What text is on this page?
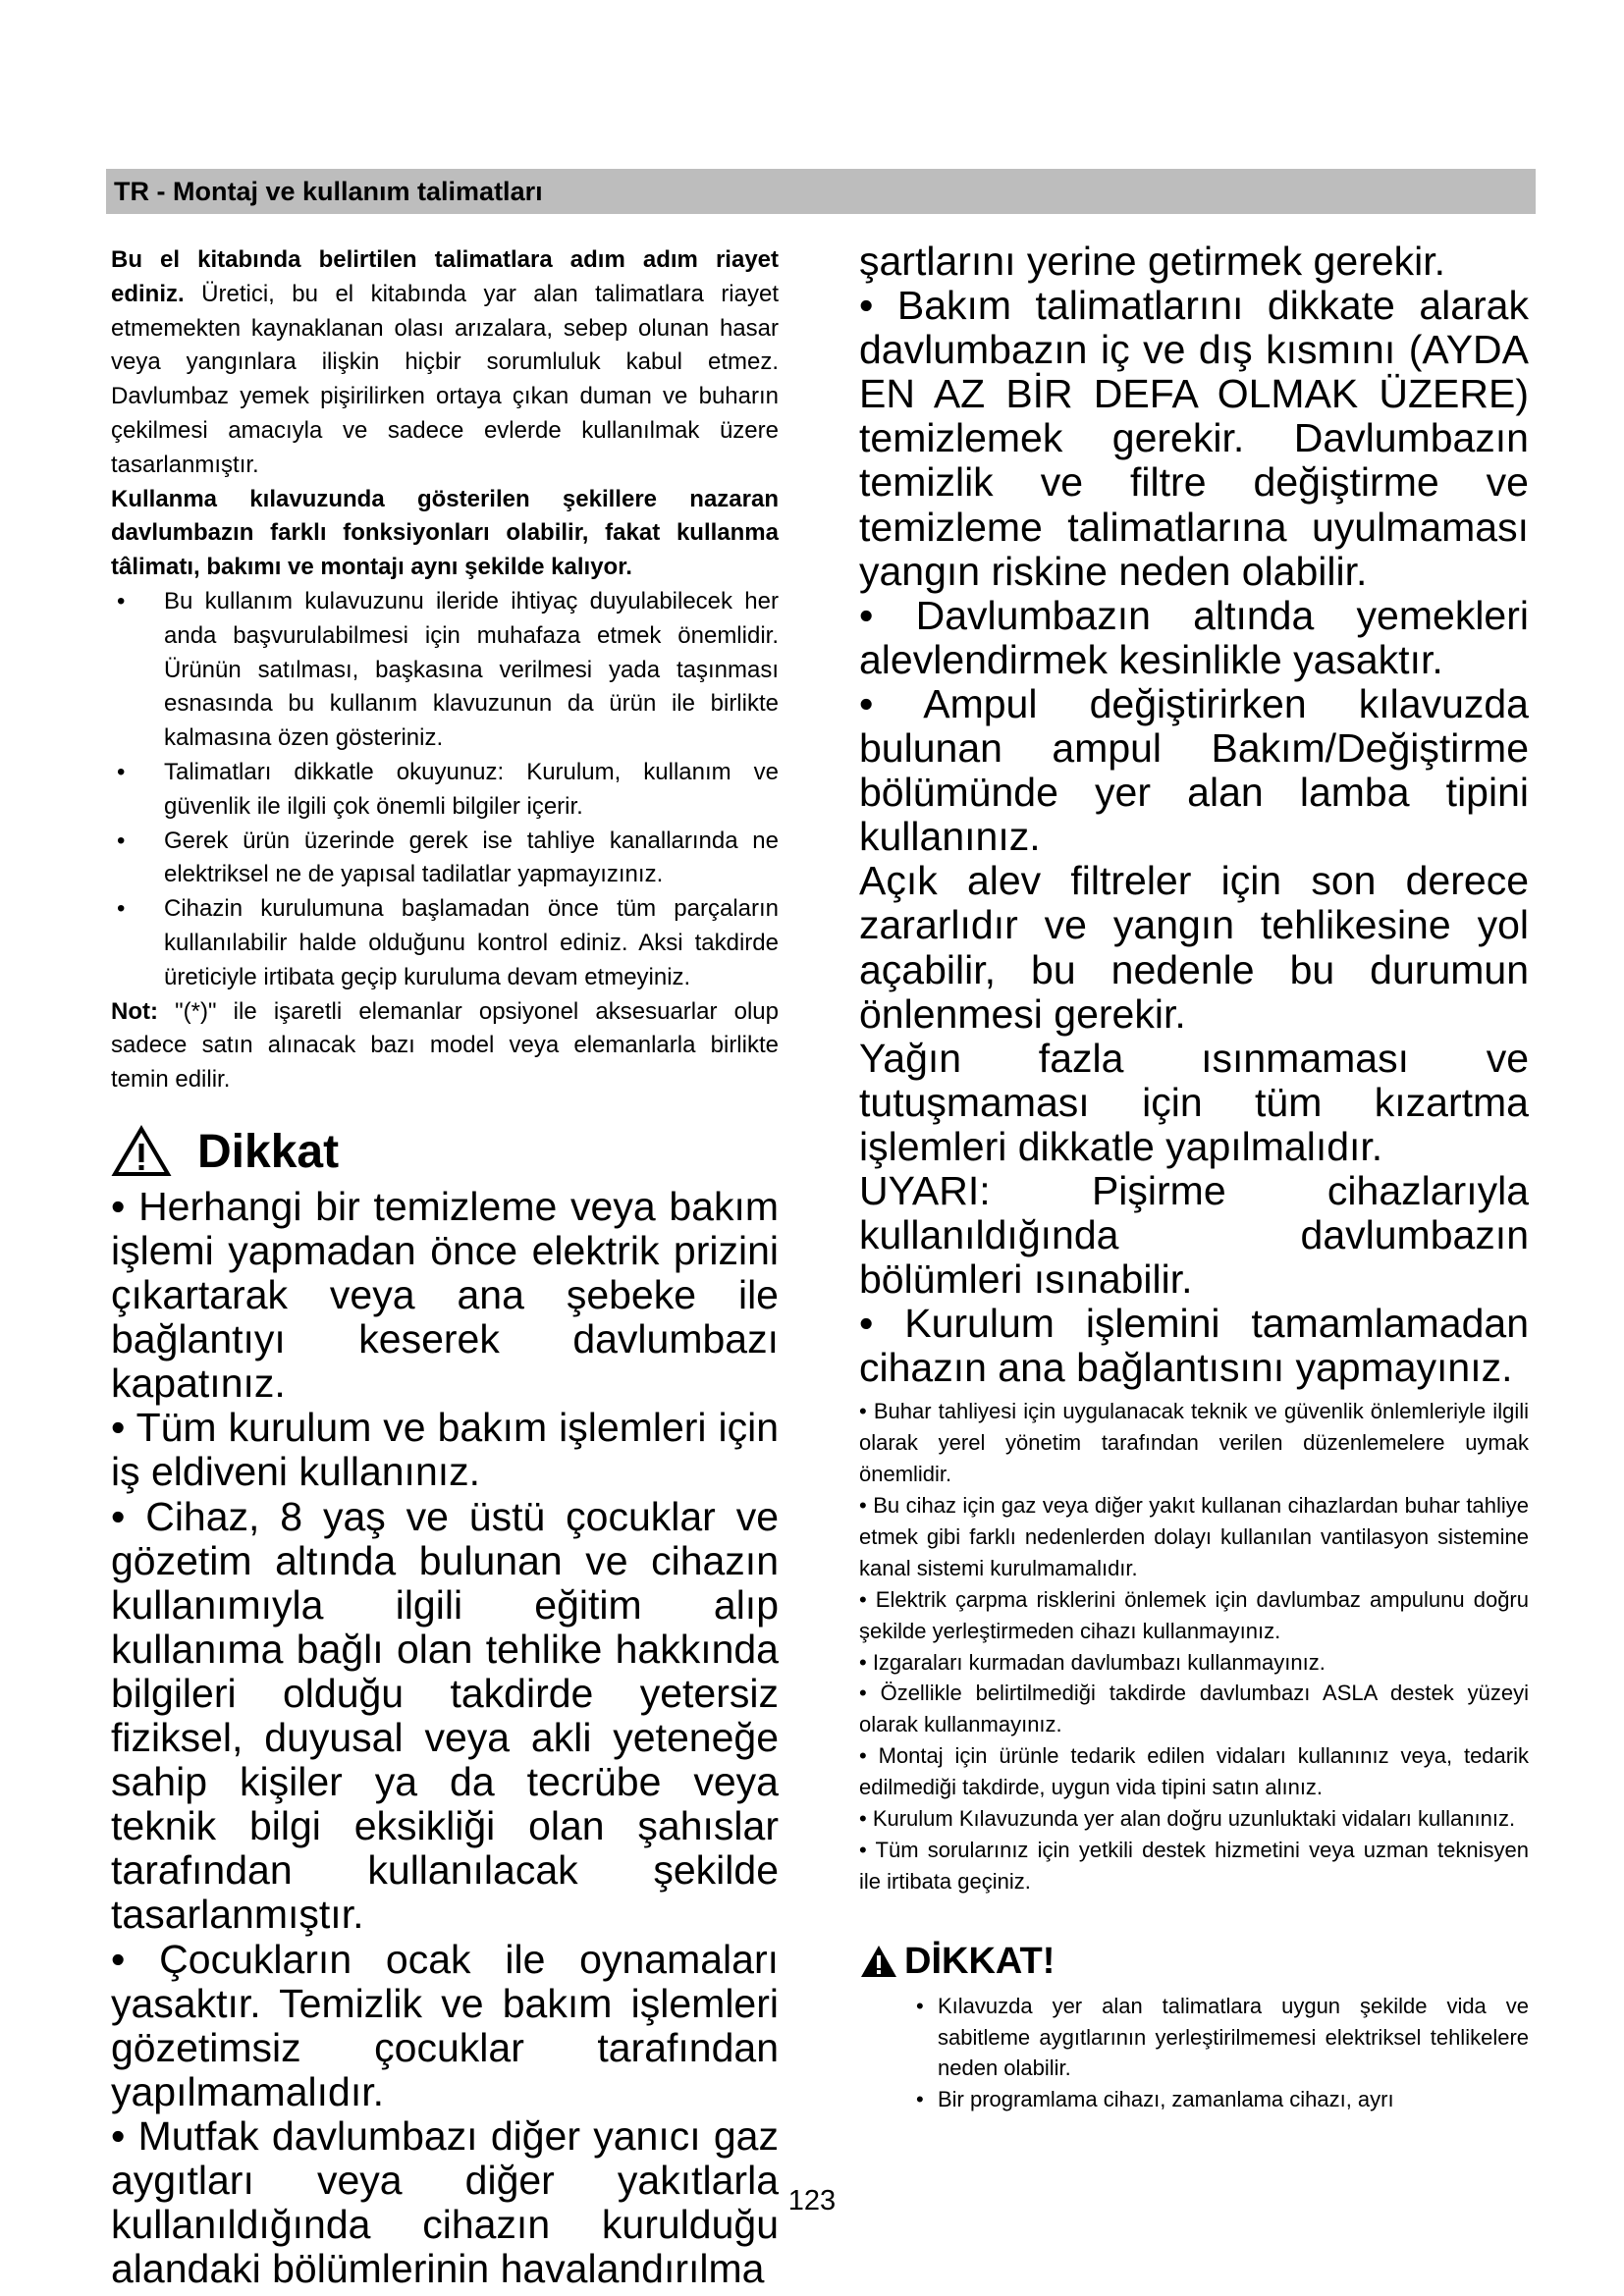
TR - Montaj ve kullanım talimatları

Bu el kitabında belirtilen talimatlara adım adım riayet ediniz. Üretici, bu el kitabında yar alan talimatlara riayet etmemekten kaynaklanan olası arızalara, sebep olunan hasar veya yangınlara ilişkin hiçbir sorumluluk kabul etmez. Davlumbaz yemek pişirilirken ortaya çıkan duman ve buharın çekilmesi amacıyla ve sadece evlerde kullanılmak üzere tasarlanmıştır.

Kullanma kılavuzunda gösterilen şekillere nazaran davlumbazın farklı fonksiyonları olabilir, fakat kullanma tâlimatı, bakımı ve montajı aynı şekilde kalıyor.

• Bu kullanım kulavuzunu ileride ihtiyaç duyulabilecek her anda başvurulabilmesi için muhafaza etmek önemlidir. Ürünün satılması, başkasına verilmesi yada taşınması esnasında bu kullanım klavuzunun da ürün ile birlikte kalmasına özen gösteriniz.
• Talimatları dikkatle okuyunuz: Kurulum, kullanım ve güvenlik ile ilgili çok önemli bilgiler içerir.
• Gerek ürün üzerinde gerek ise tahliye kanallarında ne elektriksel ne de yapısal tadilatlar yapmayızınız.
• Cihazin kurulumuna başlamadan önce tüm parçaların kullanılabilir halde olduğunu kontrol ediniz. Aksi takdirde üreticiyle irtibata geçip kuruluma devam etmeyiniz.

Not: "(*)" ile işaretli elemanlar opsiyonel aksesuarlar olup sadece satın alınacak bazı model veya elemanlarla birlikte temin edilir.

Dikkat

• Herhangi bir temizleme veya bakım işlemi yapmadan önce elektrik prizini çıkartarak veya ana şebeke ile bağlantıyı keserek davlumbazı kapatınız.

• Tüm kurulum ve bakım işlemleri için iş eldiveni kullanınız.

• Cihaz, 8 yaş ve üstü çocuklar ve gözetim altında bulunan ve cihazın kullanımıyla ilgili eğitim alıp kullanıma bağlı olan tehlike hakkında bilgileri olduğu takdirde yetersiz fiziksel, duyusal veya akli yeteneğe sahip kişiler ya da tecrübe veya teknik bilgi eksikliği olan şahıslar tarafından kullanılacak şekilde tasarlanmıştır.

• Çocukların ocak ile oynamaları yasaktır. Temizlik ve bakım işlemleri gözetimsiz çocuklar tarafından yapılmamalıdır.

• Mutfak davlumbazı diğer yanıcı gaz aygıtları veya diğer yakıtlarla kullanıldığında cihazın kurulduğu alandaki bölümlerinin havalandırılma

şartlarını yerine getirmek gerekir.

• Bakım talimatlarını dikkate alarak davlumbazın iç ve dış kısmını (AYDA EN AZ BİR DEFA OLMAK ÜZERE) temizlemek gerekir. Davlumbazın temizlik ve filtre değiştirme ve temizleme talimatlarına uyulmaması yangın riskine neden olabilir.

• Davlumbazın altında yemekleri alevlendirmek kesinlikle yasaktır.

• Ampul değiştirirken kılavuzda bulunan ampul Bakım/Değiştirme bölümünde yer alan lamba tipini kullanınız.

Açık alev filtreler için son derece zararlıdır ve yangın tehlikesine yol açabilir, bu nedenle bu durumun önlenmesi gerekir.

Yağın fazla ısınmaması ve tutuşmaması için tüm kızartma işlemleri dikkatle yapılmalıdır.

UYARI: Pişirme cihazlarıyla kullanıldığında davlumbazın bölümleri ısınabilir.

• Kurulum işlemini tamamlamadan cihazın ana bağlantısını yapmayınız.

• Buhar tahliyesi için uygulanacak teknik ve güvenlik önlemleriyle ilgili olarak yerel yönetim tarafından verilen düzenlemelere uymak önemlidir.

• Bu cihaz için gaz veya diğer yakıt kullanan cihazlardan buhar tahliye etmek gibi farklı nedenlerden dolayı kullanılan vantilasyon sistemine kanal sistemi kurulmamalıdır.

• Elektrik çarpma risklerini önlemek için davlumbaz ampulunu doğru şekilde yerleştirmeden cihazı kullanmayınız.

• Izgaraları kurmadan davlumbazı kullanmayınız.

• Özellikle belirtilmediği takdirde davlumbazı ASLA destek yüzeyi olarak kullanmayınız.

• Montaj için ürünle tedarik edilen vidaları kullanınız veya, tedarik edilmediği takdirde, uygun vida tipini satın alınız.

• Kurulum Kılavuzunda yer alan doğru uzunluktaki vidaları kullanınız.

• Tüm sorularınız için yetkili destek hizmetini veya uzman teknisyen ile irtibata geçiniz.

DİKKAT!
• Kılavuzda yer alan talimatlara uygun şekilde vida ve sabitleme aygıtlarının yerleştirilmemesi elektriksel tehlikelere neden olabilir.
• Bir programlama cihazı, zamanlama cihazı, ayrı
123
